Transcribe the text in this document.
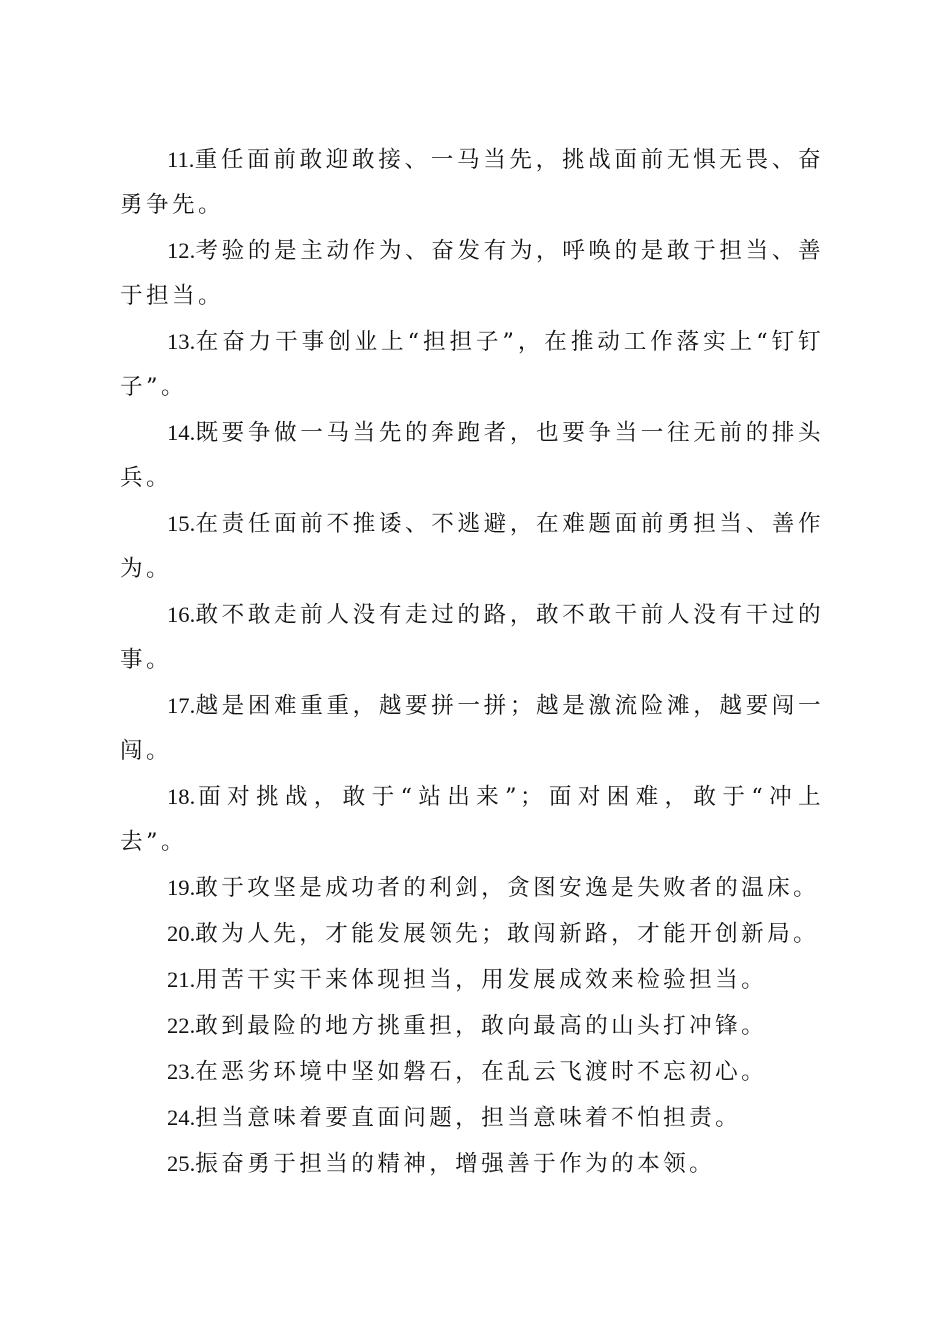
11.重任面前敢迎敢接、一马当先，挑战面前无惧无畏、奋勇争先。

12.考验的是主动作为、奋发有为，呼唤的是敢于担当、善于担当。

13.在奋力干事创业上“担担子”，在推动工作落实上“钉钉子”。

14.既要争做一马当先的奔跑者，也要争当一往无前的排头兵。

15.在责任面前不推诿、不逃避，在难题面前勇担当、善作为。

16.敢不敢走前人没有走过的路，敢不敢干前人没有干过的事。

17.越是困难重重，越要拼一拼；越是激流险滩，越要闯一闯。

18.面对挑战，敢于“站出来”；面对困难，敢于“冲上去”。

19.敢于攻坚是成功者的利剑，贪图安逸是失败者的温床。

20.敢为人先，才能发展领先；敢闯新路，才能开创新局。

21.用苦干实干来体现担当，用发展成效来检验担当。

22.敢到最险的地方挑重担，敢向最高的山头打冲锋。

23.在恶劣环境中坚如磐石，在乱云飞渡时不忘初心。

24.担当意味着要直面问题，担当意味着不怕担责。

25.振奋勇于担当的精神，增强善于作为的本领。
